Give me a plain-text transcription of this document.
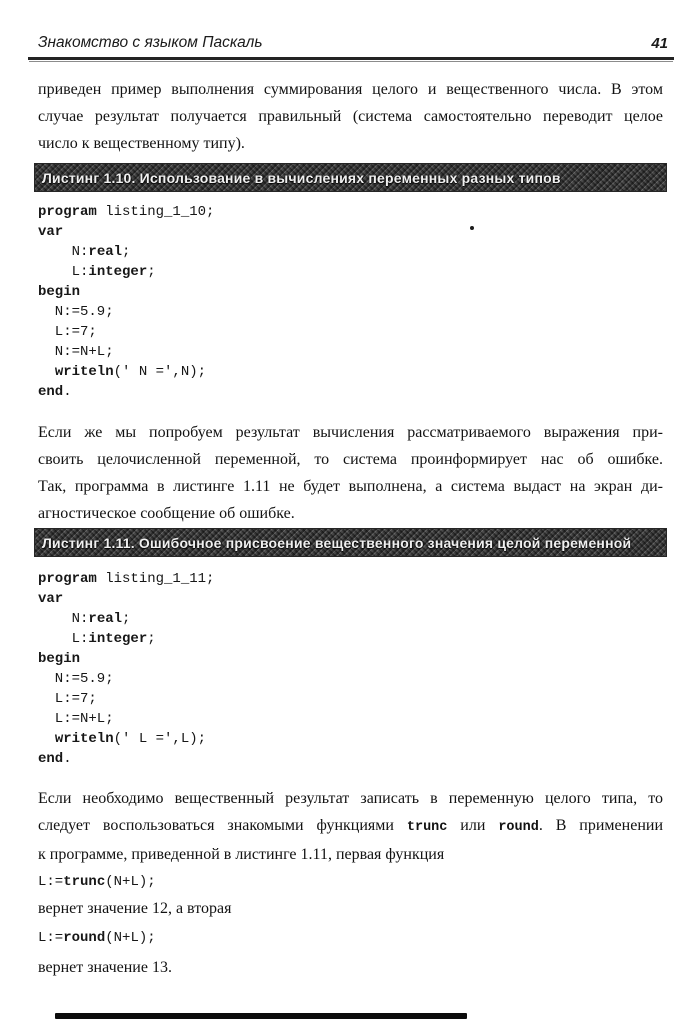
Знакомство с языком Паскаль	41
приведен пример выполнения суммирования целого и вещественного числа. В этом
случае результат получается правильный (система самостоятельно переводит целое
число к вещественному типу).
Листинг 1.10. Использование в вычислениях переменных разных типов
program listing_1_10;
var
N:real;
L:integer;
begin
N:=5.9;
L:=7;
N:=N+L;
writeln(' N =',N);
end.
Если же мы попробуем результат вычисления рассматриваемого выражения при-
своить целочисленной переменной, то система проинформирует нас об ошибке.
Так, программа в листинге 1.11 не будет выполнена, а система выдаст на экран ди-
агностическое сообщение об ошибке.
Листинг 1.11. Ошибочное присвоение вещественного значения целой переменной
program listing_1_11;
var
N:real;
L:integer;
begin
N:=5.9;
L:=7;
L:=N+L;
writeln(' L =',L);
end.
Если необходимо вещественный результат записать в переменную целого типа, то
следует воспользоваться знакомыми функциями trunc или round. В применении
к программе, приведенной в листинге 1.11, первая функция
L:=trunc(N+L);
вернет значение 12, а вторая
L:=round(N+L);
вернет значение 13.
